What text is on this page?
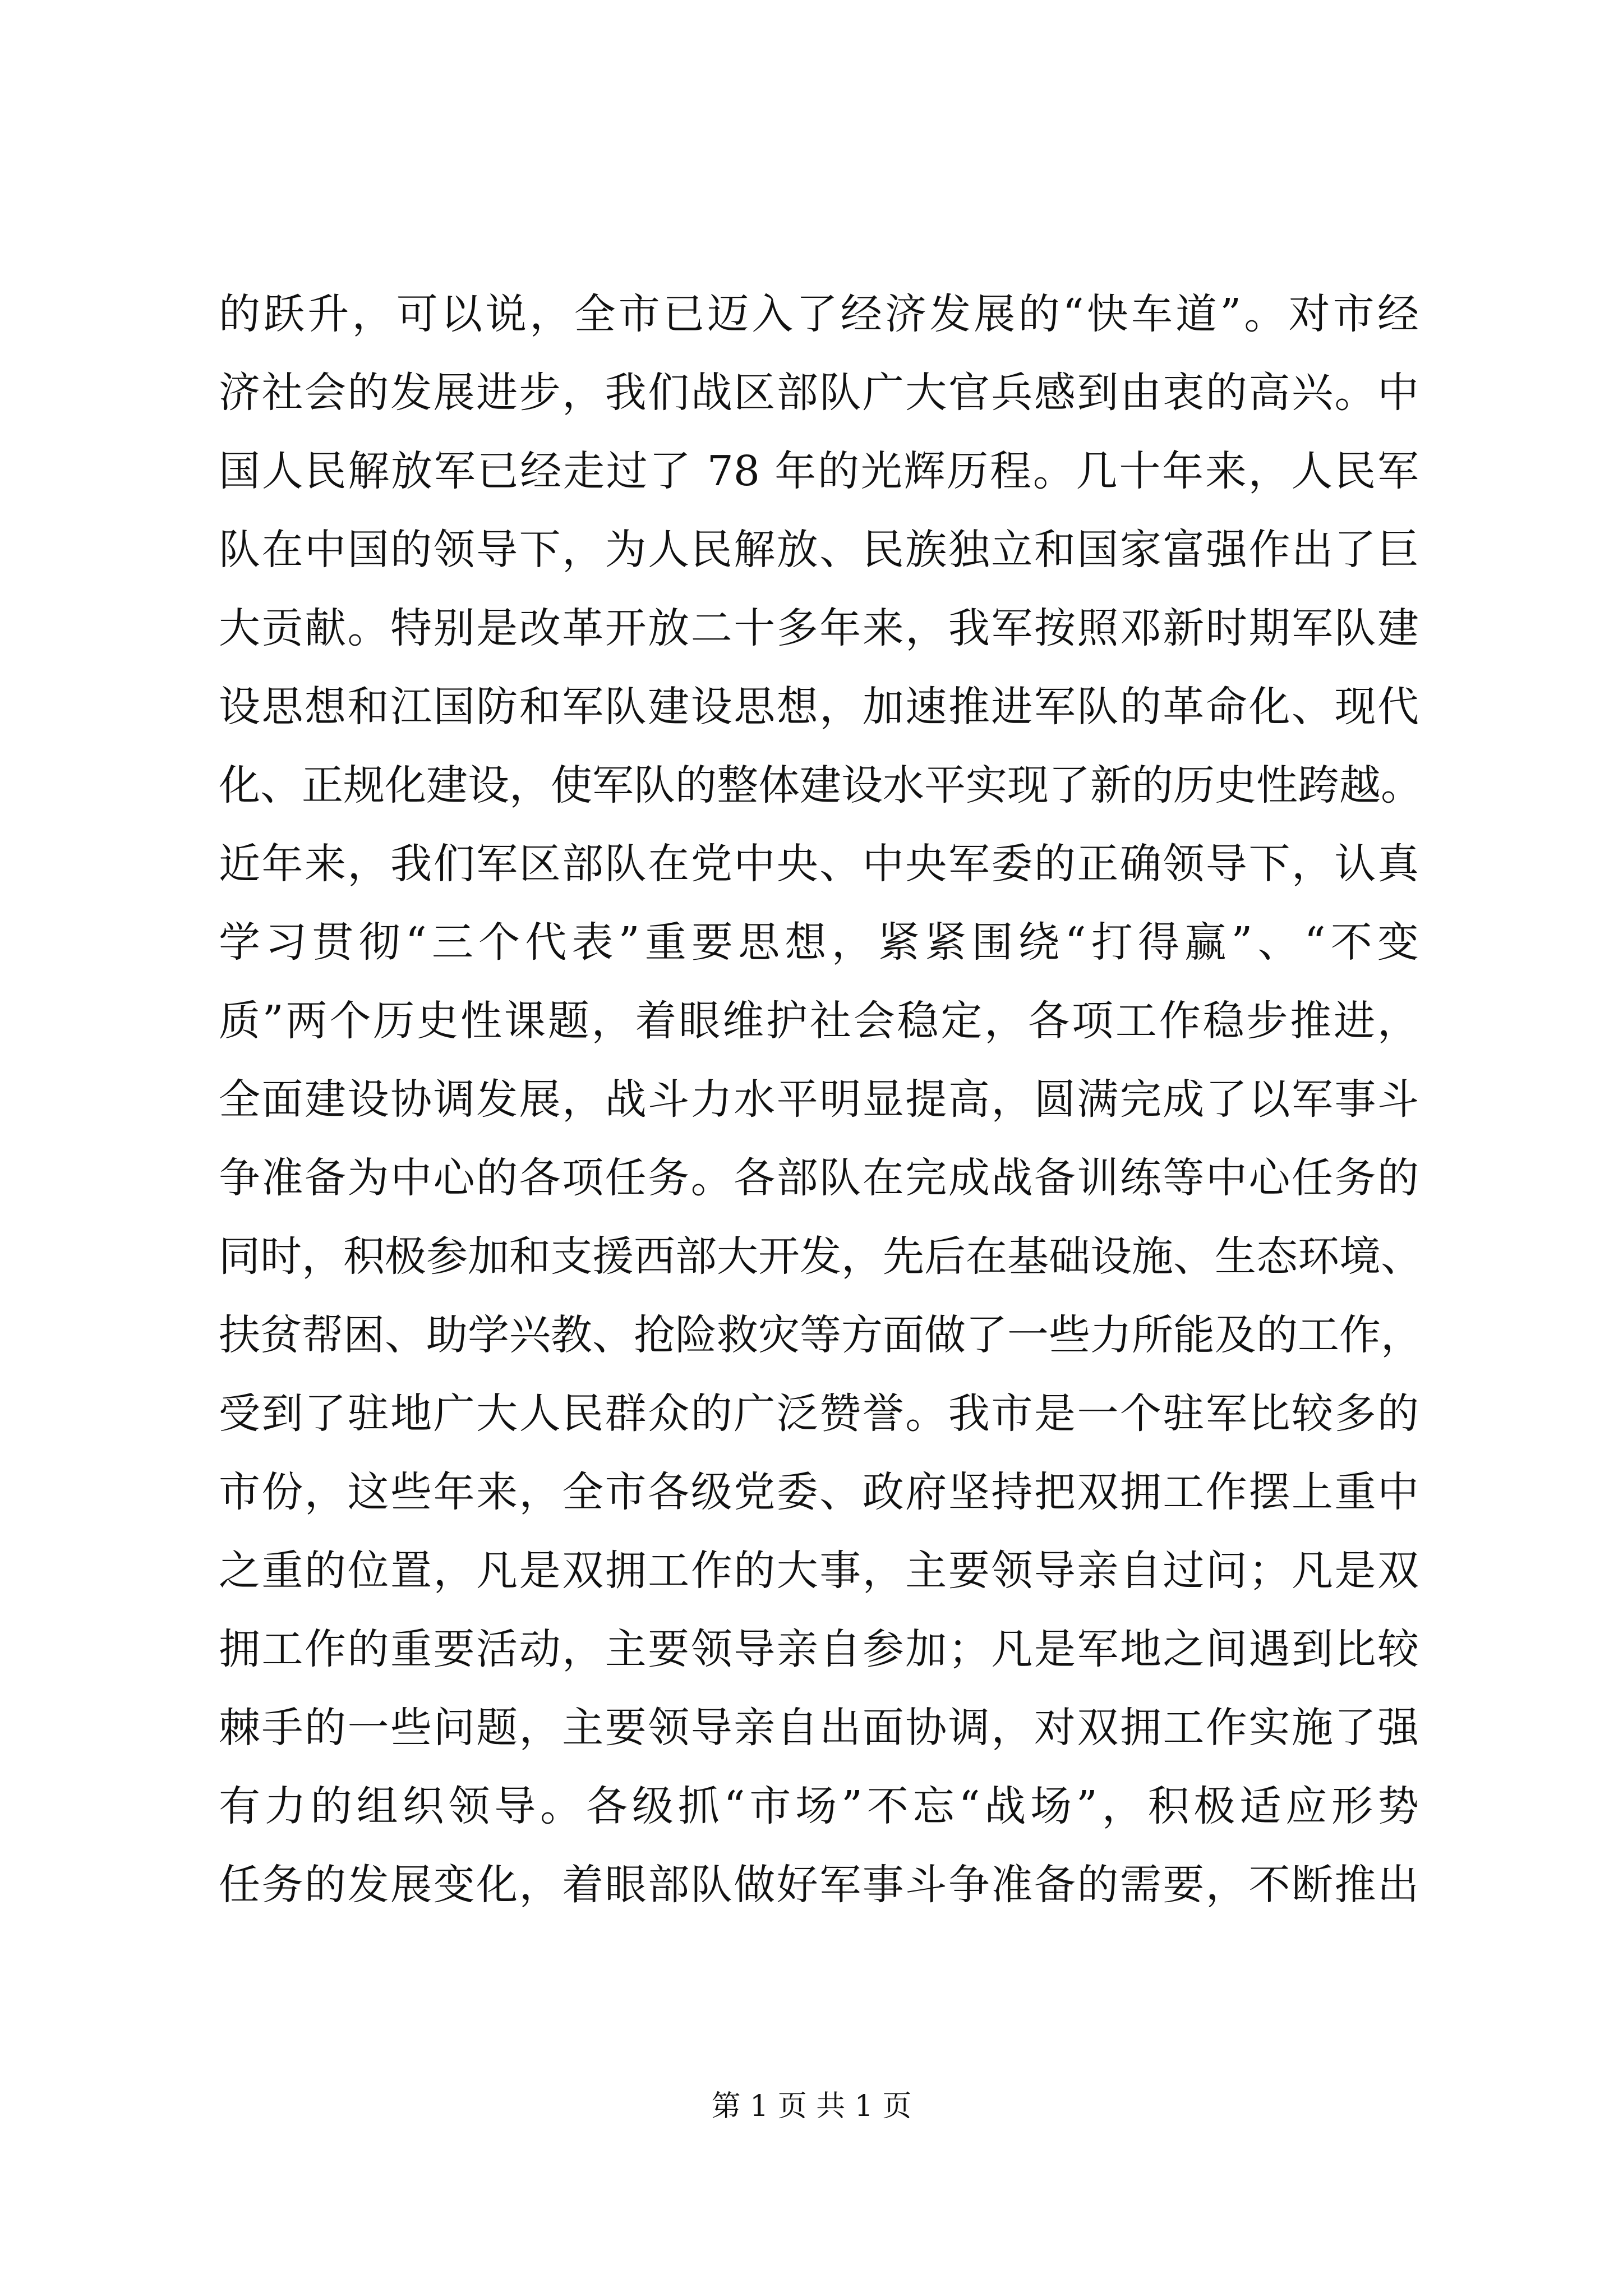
的跃升，可以说，全市已迈入了经济发展的“快车道”。对市经
济社会的发展进步，我们战区部队广大官兵感到由衷的高兴。中
国人民解放军已经走过了 78 年的光辉历程。几十年来，人民军
队在中国的领导下，为人民解放、民族独立和国家富强作出了巨
大贡献。特别是改革开放二十多年来，我军按照邓新时期军队建
设思想和江国防和军队建设思想，加速推进军队的革命化、现代
化、正规化建设，使军队的整体建设水平实现了新的历史性跨越。
近年来，我们军区部队在党中央、中央军委的正确领导下，认真
学习贯彻“三个代表”重要思想，紧紧围绕“打得赢”、“不变
质”两个历史性课题，着眼维护社会稳定，各项工作稳步推进，
全面建设协调发展，战斗力水平明显提高，圆满完成了以军事斗
争准备为中心的各项任务。各部队在完成战备训练等中心任务的
同时，积极参加和支援西部大开发，先后在基础设施、生态环境、
扶贫帮困、助学兴教、抢险救灾等方面做了一些力所能及的工作，
受到了驻地广大人民群众的广泛赞誉。我市是一个驻军比较多的
市份，这些年来，全市各级党委、政府坚持把双拥工作摆上重中
之重的位置，凡是双拥工作的大事，主要领导亲自过问；凡是双
拥工作的重要活动，主要领导亲自参加；凡是军地之间遇到比较
棘手的一些问题，主要领导亲自出面协调，对双拥工作实施了强
有力的组织领导。各级抓“市场”不忘“战场”，积极适应形势
任务的发展变化，着眼部队做好军事斗争准备的需要，不断推出
第 1 页 共 1 页
